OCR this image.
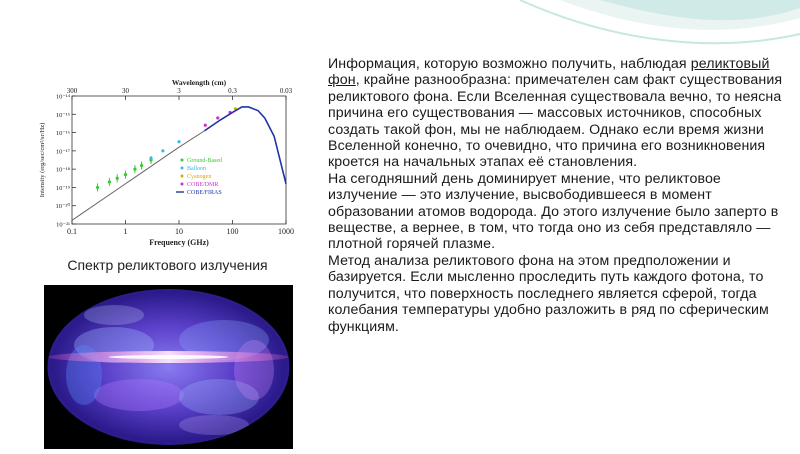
0.1	1	10	100	1000
300	30	3	0.3	0.03
10⁻¹⁴
10⁻¹⁵
10⁻¹⁶
10⁻¹⁷
10⁻¹⁸
10⁻¹⁹
10⁻²⁰
10⁻²¹
Frequency (GHz)
Wavelength (cm)
Intensity (erg/sec/cm²/sr/Hz)	Ground-Based
Balloon
Cyanogen
COBE/DMR
COBE/FIRAS
Спектр реликтового излучения

Информация, которую возможно получить, наблюдая реликтовый фон, крайне разнообразна: примечателен сам факт существования реликтового фона. Если Вселенная существовала вечно, то неясна причина его существования — массовых источников, способных создать такой фон, мы не наблюдаем. Однако если время жизни Вселенной конечно, то очевидно, что причина его возникновения кроется на начальных этапах её становления.

На сегодняшний день доминирует мнение, что реликтовое излучение — это излучение, высвободившееся в момент образовании атомов водорода. До этого излучение было заперто в веществе, а вернее, в том, что тогда оно из себя представляло — плотной горячей плазме.

Метод анализа реликтового фона на этом предположении и базируется. Если мысленно проследить путь каждого фотона, то получится, что поверхность последнего является сферой, тогда колебания температуры удобно разложить в ряд по сферическим функциям.
